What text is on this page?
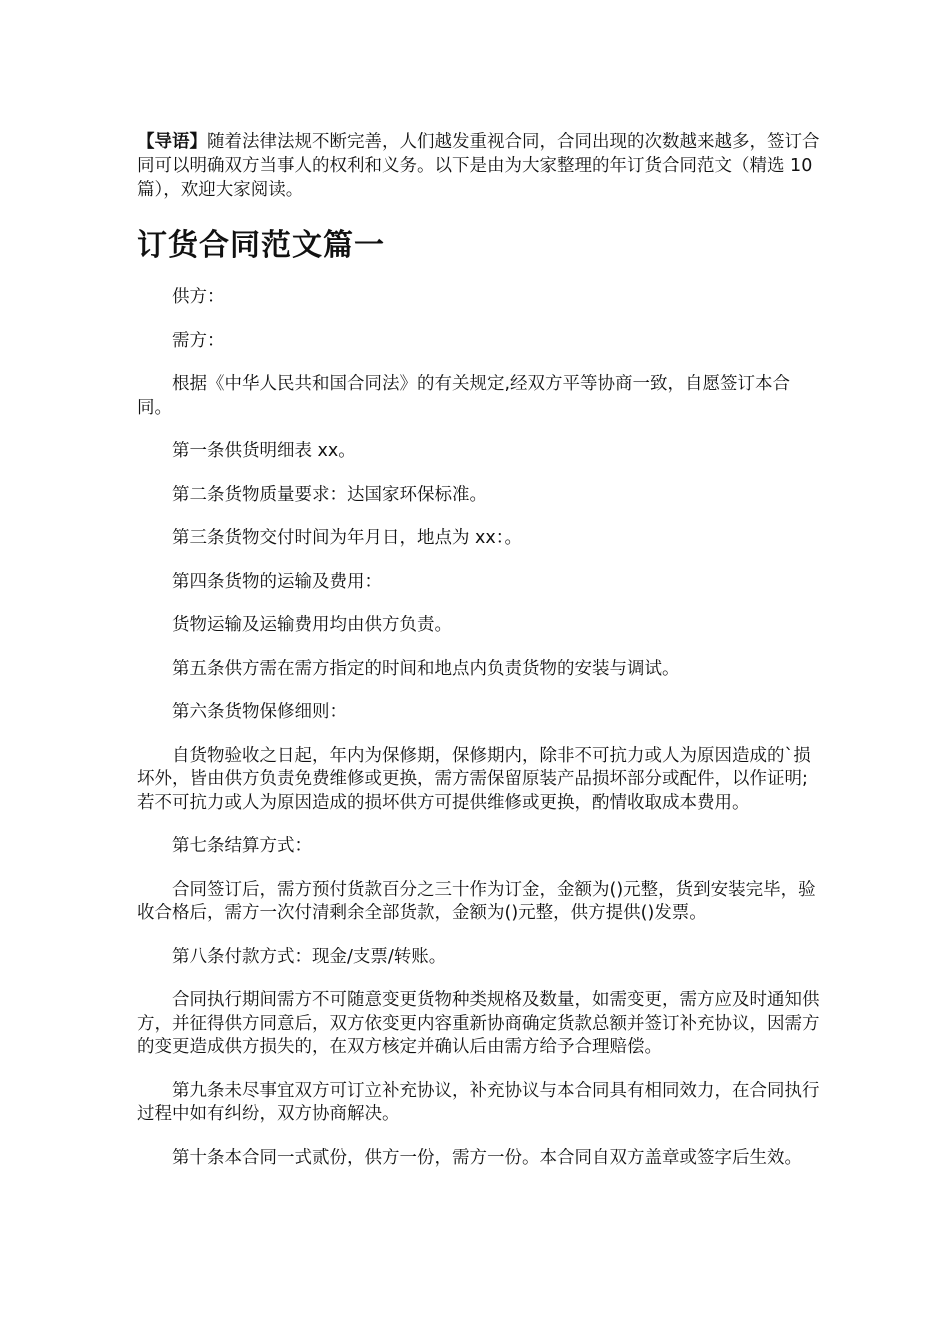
【导语】随着法律法规不断完善，人们越发重视合同，合同出现的次数越来越多，签订合同可以明确双方当事人的权利和义务。以下是由为大家整理的年订货合同范文（精选 10 篇），欢迎大家阅读。

订货合同范文篇一

供方：

需方：

根据《中华人民共和国合同法》的有关规定,经双方平等协商一致，自愿签订本合同。

第一条供货明细表 xx。

第二条货物质量要求：达国家环保标准。

第三条货物交付时间为年月日，地点为 xx：。

第四条货物的运输及费用：

货物运输及运输费用均由供方负责。

第五条供方需在需方指定的时间和地点内负责货物的安装与调试。

第六条货物保修细则：

自货物验收之日起，年内为保修期，保修期内，除非不可抗力或人为原因造成的`损坏外，皆由供方负责免费维修或更换，需方需保留原装产品损坏部分或配件，以作证明;若不可抗力或人为原因造成的损坏供方可提供维修或更换，酌情收取成本费用。

第七条结算方式：

合同签订后，需方预付货款百分之三十作为订金，金额为()元整，货到安装完毕，验收合格后，需方一次付清剩余全部货款，金额为()元整，供方提供()发票。

第八条付款方式：现金/支票/转账。

合同执行期间需方不可随意变更货物种类规格及数量，如需变更，需方应及时通知供方，并征得供方同意后，双方依变更内容重新协商确定货款总额并签订补充协议，因需方的变更造成供方损失的，在双方核定并确认后由需方给予合理赔偿。

第九条未尽事宜双方可订立补充协议，补充协议与本合同具有相同效力，在合同执行过程中如有纠纷，双方协商解决。

第十条本合同一式贰份，供方一份，需方一份。本合同自双方盖章或签字后生效。
